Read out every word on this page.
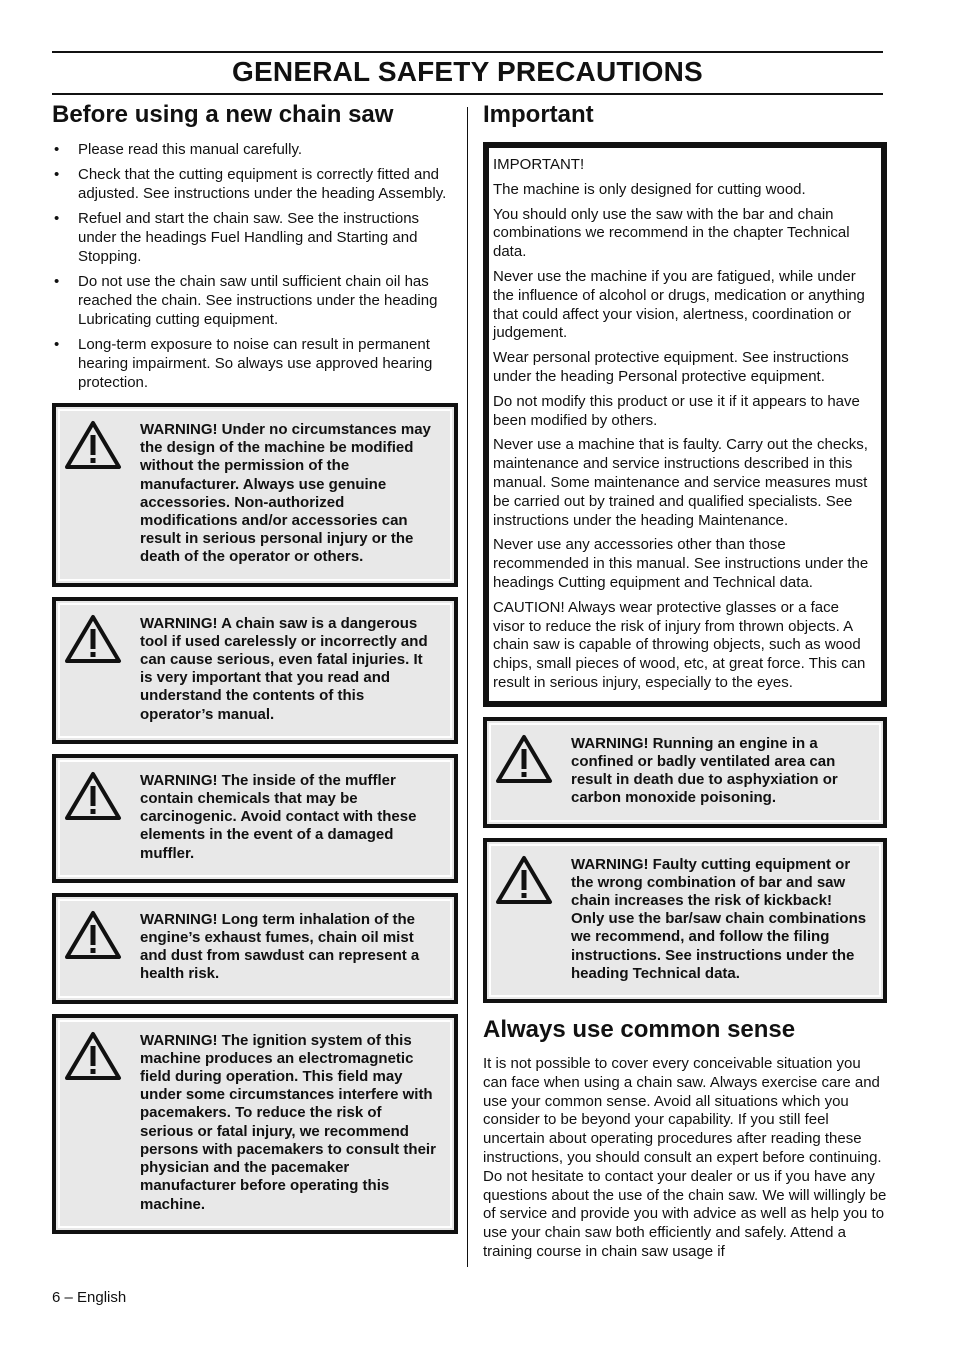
GENERAL SAFETY PRECAUTIONS
Before using a new chain saw
• Please read this manual carefully.
• Check that the cutting equipment is correctly fitted and adjusted. See instructions under the heading Assembly.
• Refuel and start the chain saw. See the instructions under the headings Fuel Handling and Starting and Stopping.
• Do not use the chain saw until sufficient chain oil has reached the chain. See instructions under the heading Lubricating cutting equipment.
• Long-term exposure to noise can result in permanent hearing impairment. So always use approved hearing protection.

WARNING! Under no circumstances may the design of the machine be modified without the permission of the manufacturer. Always use genuine accessories. Non-authorized modifications and/or accessories can result in serious personal injury or the death of the operator or others.

WARNING! A chain saw is a dangerous tool if used carelessly or incorrectly and can cause serious, even fatal injuries. It is very important that you read and understand the contents of this operator’s manual.

WARNING! The inside of the muffler contain chemicals that may be carcinogenic. Avoid contact with these elements in the event of a damaged muffler.

WARNING! Long term inhalation of the engine’s exhaust fumes, chain oil mist and dust from sawdust can represent a health risk.

WARNING! The ignition system of this machine produces an electromagnetic field during operation. This field may under some circumstances interfere with pacemakers. To reduce the risk of serious or fatal injury, we recommend persons with pacemakers to consult their physician and the pacemaker manufacturer before operating this machine.

Important

IMPORTANT!

The machine is only designed for cutting wood.

You should only use the saw with the bar and chain combinations we recommend in the chapter Technical data.

Never use the machine if you are fatigued, while under the influence of alcohol or drugs, medication or anything that could affect your vision, alertness, coordination or judgement.

Wear personal protective equipment. See instructions under the heading Personal protective equipment.

Do not modify this product or use it if it appears to have been modified by others.

Never use a machine that is faulty. Carry out the checks, maintenance and service instructions described in this manual. Some maintenance and service measures must be carried out by trained and qualified specialists. See instructions under the heading Maintenance.

Never use any accessories other than those recommended in this manual. See instructions under the headings Cutting equipment and Technical data.

CAUTION! Always wear protective glasses or a face visor to reduce the risk of injury from thrown objects. A chain saw is capable of throwing objects, such as wood chips, small pieces of wood, etc, at great force. This can result in serious injury, especially to the eyes.

WARNING! Running an engine in a confined or badly ventilated area can result in death due to asphyxiation or carbon monoxide poisoning.

WARNING! Faulty cutting equipment or the wrong combination of bar and saw chain increases the risk of kickback! Only use the bar/saw chain combinations we recommend, and follow the filing instructions. See instructions under the heading Technical data.

Always use common sense

It is not possible to cover every conceivable situation you can face when using a chain saw. Always exercise care and use your common sense. Avoid all situations which you consider to be beyond your capability. If you still feel uncertain about operating procedures after reading these instructions, you should consult an expert before continuing. Do not hesitate to contact your dealer or us if you have any questions about the use of the chain saw. We will willingly be of service and provide you with advice as well as help you to use your chain saw both efficiently and safely. Attend a training course in chain saw usage if

6 – English
